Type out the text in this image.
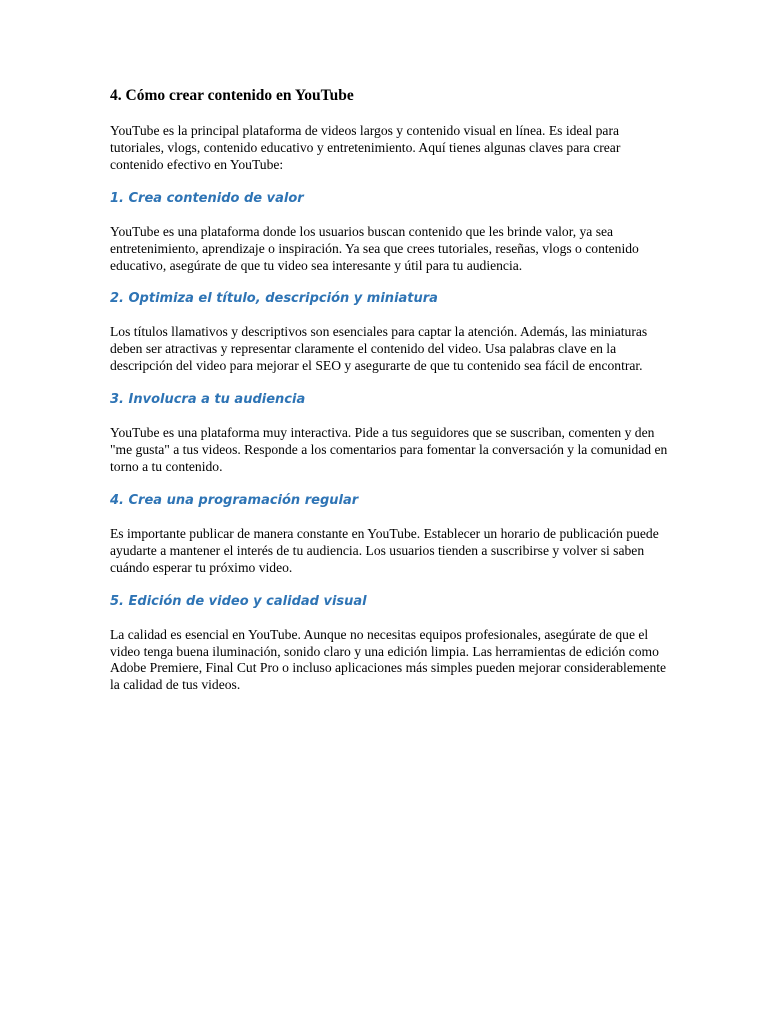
4. Cómo crear contenido en YouTube

YouTube es la principal plataforma de videos largos y contenido visual en línea. Es ideal para tutoriales, vlogs, contenido educativo y entretenimiento. Aquí tienes algunas claves para crear contenido efectivo en YouTube:

1. Crea contenido de valor

YouTube es una plataforma donde los usuarios buscan contenido que les brinde valor, ya sea entretenimiento, aprendizaje o inspiración. Ya sea que crees tutoriales, reseñas, vlogs o contenido educativo, asegúrate de que tu video sea interesante y útil para tu audiencia.

2. Optimiza el título, descripción y miniatura

Los títulos llamativos y descriptivos son esenciales para captar la atención. Además, las miniaturas deben ser atractivas y representar claramente el contenido del video. Usa palabras clave en la descripción del video para mejorar el SEO y asegurarte de que tu contenido sea fácil de encontrar.

3. Involucra a tu audiencia

YouTube es una plataforma muy interactiva. Pide a tus seguidores que se suscriban, comenten y den "me gusta" a tus videos. Responde a los comentarios para fomentar la conversación y la comunidad en torno a tu contenido.

4. Crea una programación regular

Es importante publicar de manera constante en YouTube. Establecer un horario de publicación puede ayudarte a mantener el interés de tu audiencia. Los usuarios tienden a suscribirse y volver si saben cuándo esperar tu próximo video.

5. Edición de video y calidad visual

La calidad es esencial en YouTube. Aunque no necesitas equipos profesionales, asegúrate de que el video tenga buena iluminación, sonido claro y una edición limpia. Las herramientas de edición como Adobe Premiere, Final Cut Pro o incluso aplicaciones más simples pueden mejorar considerablemente la calidad de tus videos.
